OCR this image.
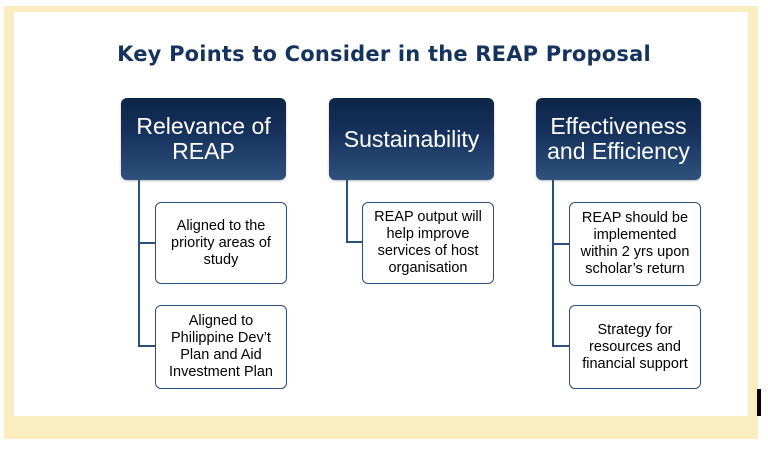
Key Points to Consider in the REAP Proposal
Relevance of
REAP
Aligned to the
priority areas of
study
Aligned to
Philippine Dev’t
Plan and Aid
Investment Plan
Sustainability
REAP output will
help improve
services of host
organisation
Effectiveness
and Efficiency
REAP should be
implemented
within 2 yrs upon
scholar’s return
Strategy for
resources and
financial support
